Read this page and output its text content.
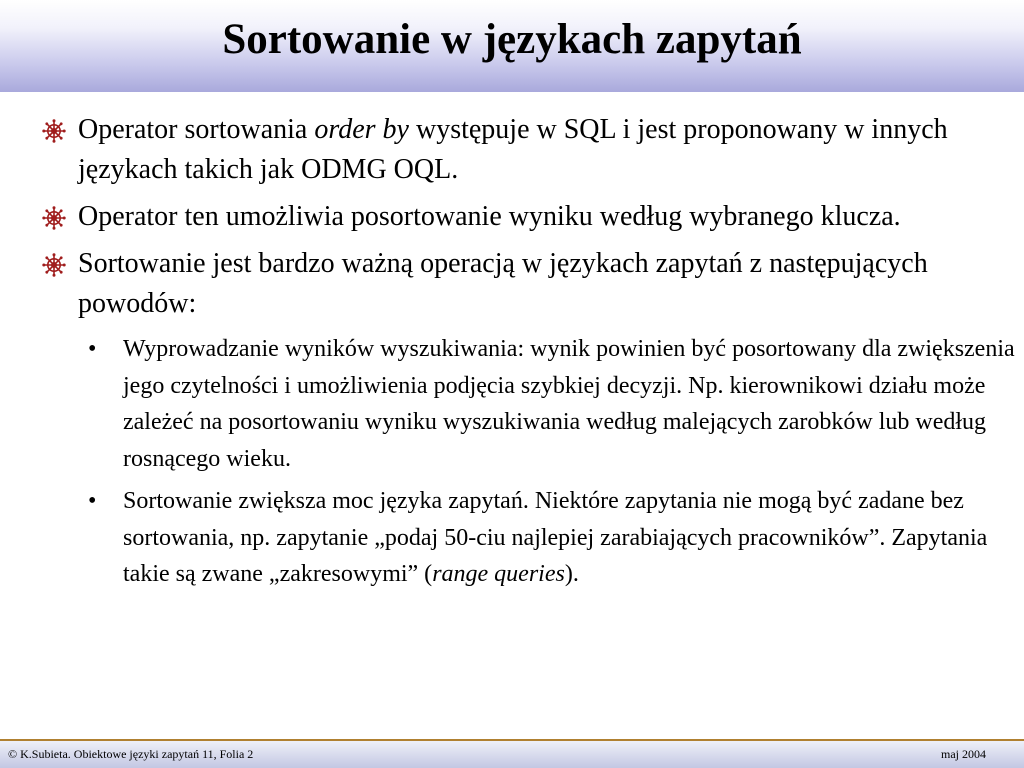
Sortowanie w językach zapytań
Operator sortowania order by występuje w SQL i jest proponowany w innych językach takich jak ODMG OQL.
Operator ten umożliwia posortowanie wyniku według wybranego klucza.
Sortowanie jest bardzo ważną operacją w językach zapytań z następujących powodów:
• Wyprowadzanie wyników wyszukiwania: wynik powinien być posortowany dla zwiększenia jego czytelności i umożliwienia podjęcia szybkiej decyzji. Np. kierownikowi działu może zależeć na posortowaniu wyniku wyszukiwania według malejących zarobków lub według rosnącego wieku.
• Sortowanie zwiększa moc języka zapytań. Niektóre zapytania nie mogą być zadane bez sortowania, np. zapytanie „podaj 50-ciu najlepiej zarabiających pracowników”. Zapytania takie są zwane „zakresowymi” (range queries).
© K.Subieta. Obiektowe języki zapytań 11, Folia 2	maj 2004
